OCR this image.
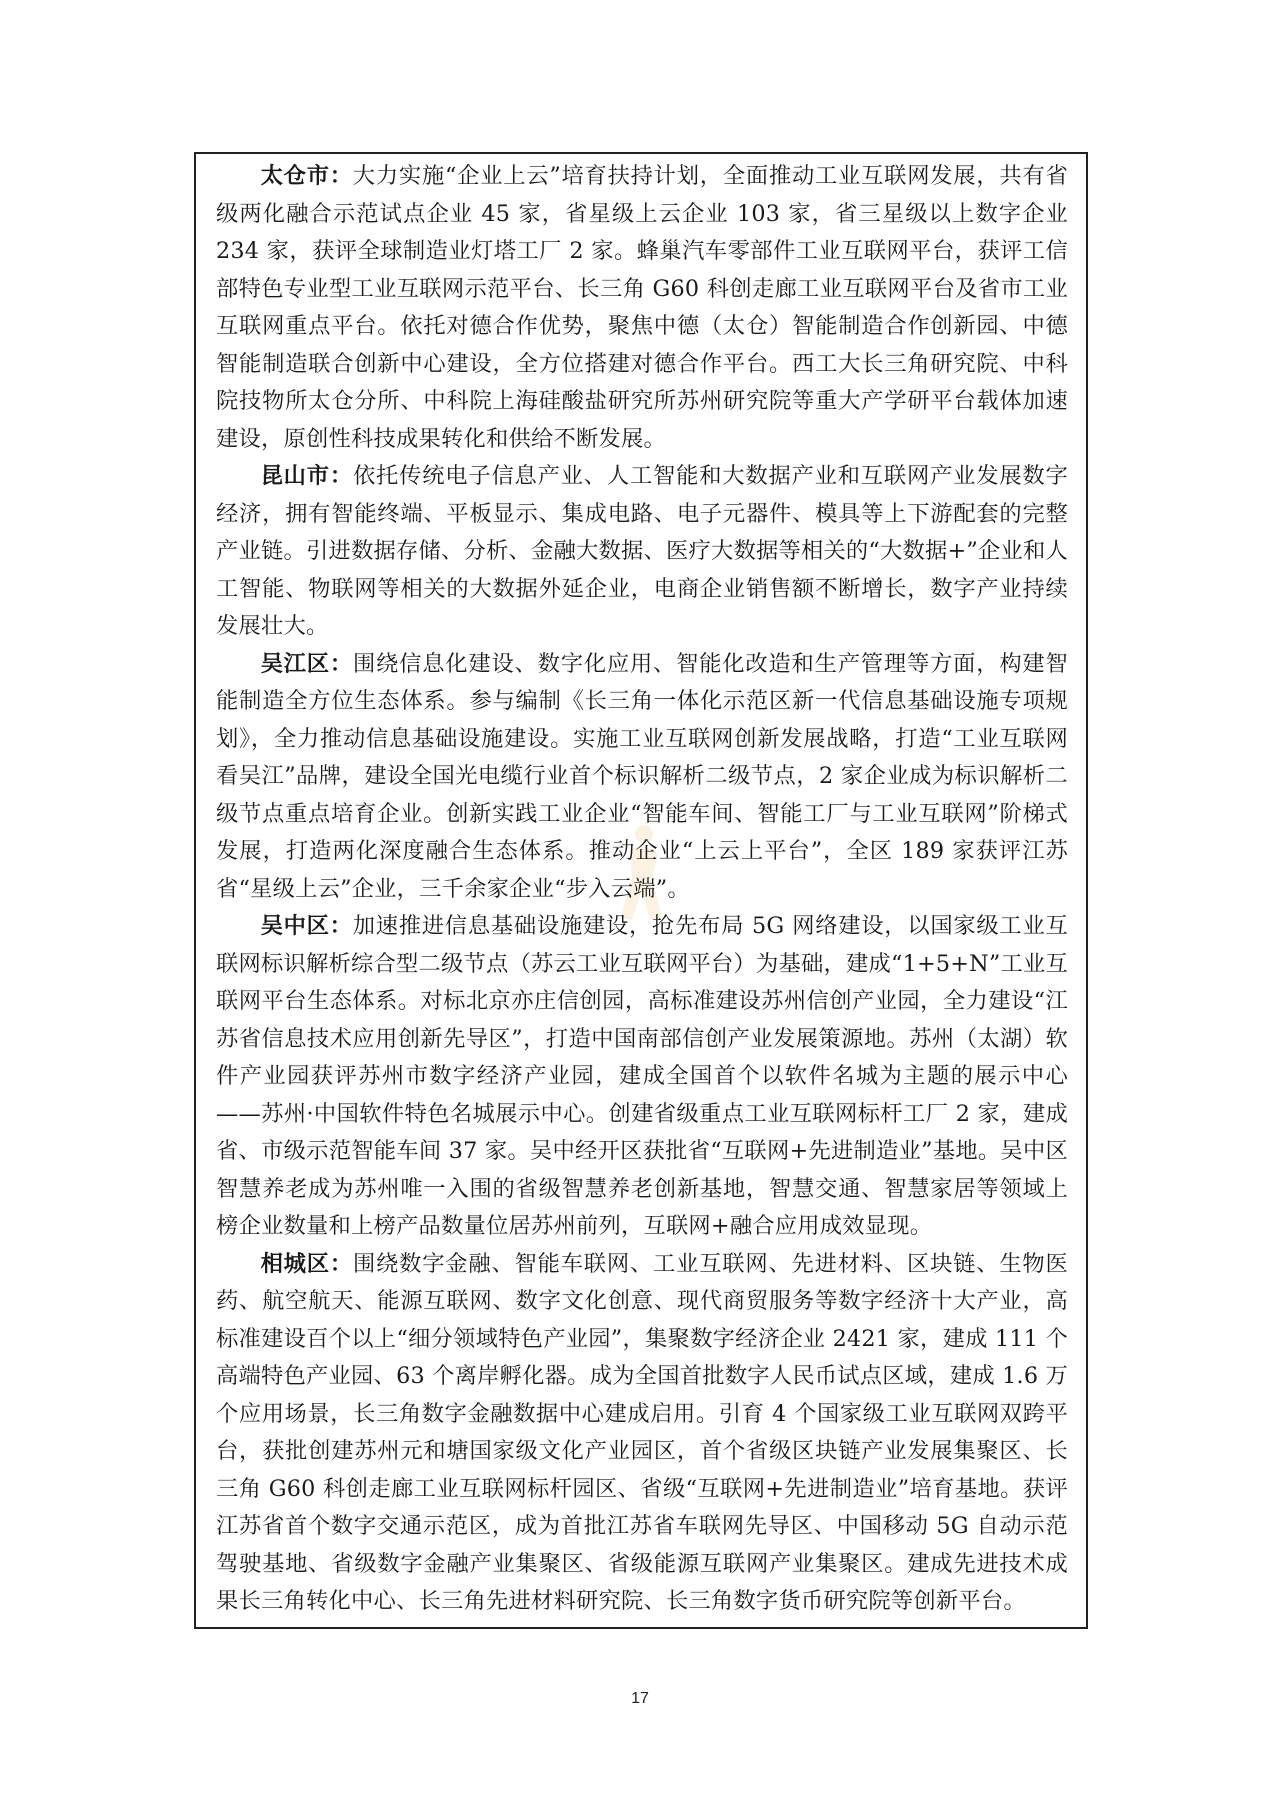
太仓市：大力实施“企业上云”培育扶持计划，全面推动工业互联网发展，共有省级两化融合示范试点企业 45 家，省星级上云企业 103 家，省三星级以上数字企业 234 家，获评全球制造业灯塔工厂 2 家。蜂巢汽车零部件工业互联网平台，获评工信部特色专业型工业互联网示范平台、长三角 G60 科创走廊工业互联网平台及省市工业互联网重点平台。依托对德合作优势，聚焦中德（太仓）智能制造合作创新园、中德智能制造联合创新中心建设，全方位搭建对德合作平台。西工大长三角研究院、中科院技物所太仓分所、中科院上海硅酸盐研究所苏州研究院等重大产学研平台载体加速建设，原创性科技成果转化和供给不断发展。

昆山市：依托传统电子信息产业、人工智能和大数据产业和互联网产业发展数字经济，拥有智能终端、平板显示、集成电路、电子元器件、模具等上下游配套的完整产业链。引进数据存储、分析、金融大数据、医疗大数据等相关的“大数据+”企业和人工智能、物联网等相关的大数据外延企业，电商企业销售额不断增长，数字产业持续发展壮大。

吴江区：围绕信息化建设、数字化应用、智能化改造和生产管理等方面，构建智能制造全方位生态体系。参与编制《长三角一体化示范区新一代信息基础设施专项规划》，全力推动信息基础设施建设。实施工业互联网创新发展战略，打造“工业互联网看吴江”品牌，建设全国光电缆行业首个标识解析二级节点，2 家企业成为标识解析二级节点重点培育企业。创新实践工业企业“智能车间、智能工厂与工业互联网”阶梯式发展，打造两化深度融合生态体系。推动企业“上云上平台”，全区 189 家获评江苏省“星级上云”企业，三千余家企业“步入云端”。

吴中区：加速推进信息基础设施建设，抢先布局 5G 网络建设，以国家级工业互联网标识解析综合型二级节点（苏云工业互联网平台）为基础，建成“1+5+N”工业互联网平台生态体系。对标北京亦庄信创园，高标准建设苏州信创产业园，全力建设“江苏省信息技术应用创新先导区”，打造中国南部信创产业发展策源地。苏州（太湖）软件产业园获评苏州市数字经济产业园，建成全国首个以软件名城为主题的展示中心——苏州·中国软件特色名城展示中心。创建省级重点工业互联网标杆工厂 2 家，建成省、市级示范智能车间 37 家。吴中经开区获批省“互联网+先进制造业”基地。吴中区智慧养老成为苏州唯一入围的省级智慧养老创新基地，智慧交通、智慧家居等领域上榜企业数量和上榜产品数量位居苏州前列，互联网+融合应用成效显现。

相城区：围绕数字金融、智能车联网、工业互联网、先进材料、区块链、生物医药、航空航天、能源互联网、数字文化创意、现代商贸服务等数字经济十大产业，高标准建设百个以上“细分领域特色产业园”，集聚数字经济企业 2421 家，建成 111 个高端特色产业园、63 个离岸孵化器。成为全国首批数字人民币试点区域，建成 1.6 万个应用场景，长三角数字金融数据中心建成启用。引育 4 个国家级工业互联网双跨平台，获批创建苏州元和塘国家级文化产业园区，首个省级区块链产业发展集聚区、长三角 G60 科创走廊工业互联网标杆园区、省级“互联网+先进制造业”培育基地。获评江苏省首个数字交通示范区，成为首批江苏省车联网先导区、中国移动 5G 自动示范驾驶基地、省级数字金融产业集聚区、省级能源互联网产业集聚区。建成先进技术成果长三角转化中心、长三角先进材料研究院、长三角数字货币研究院等创新平台。

17
